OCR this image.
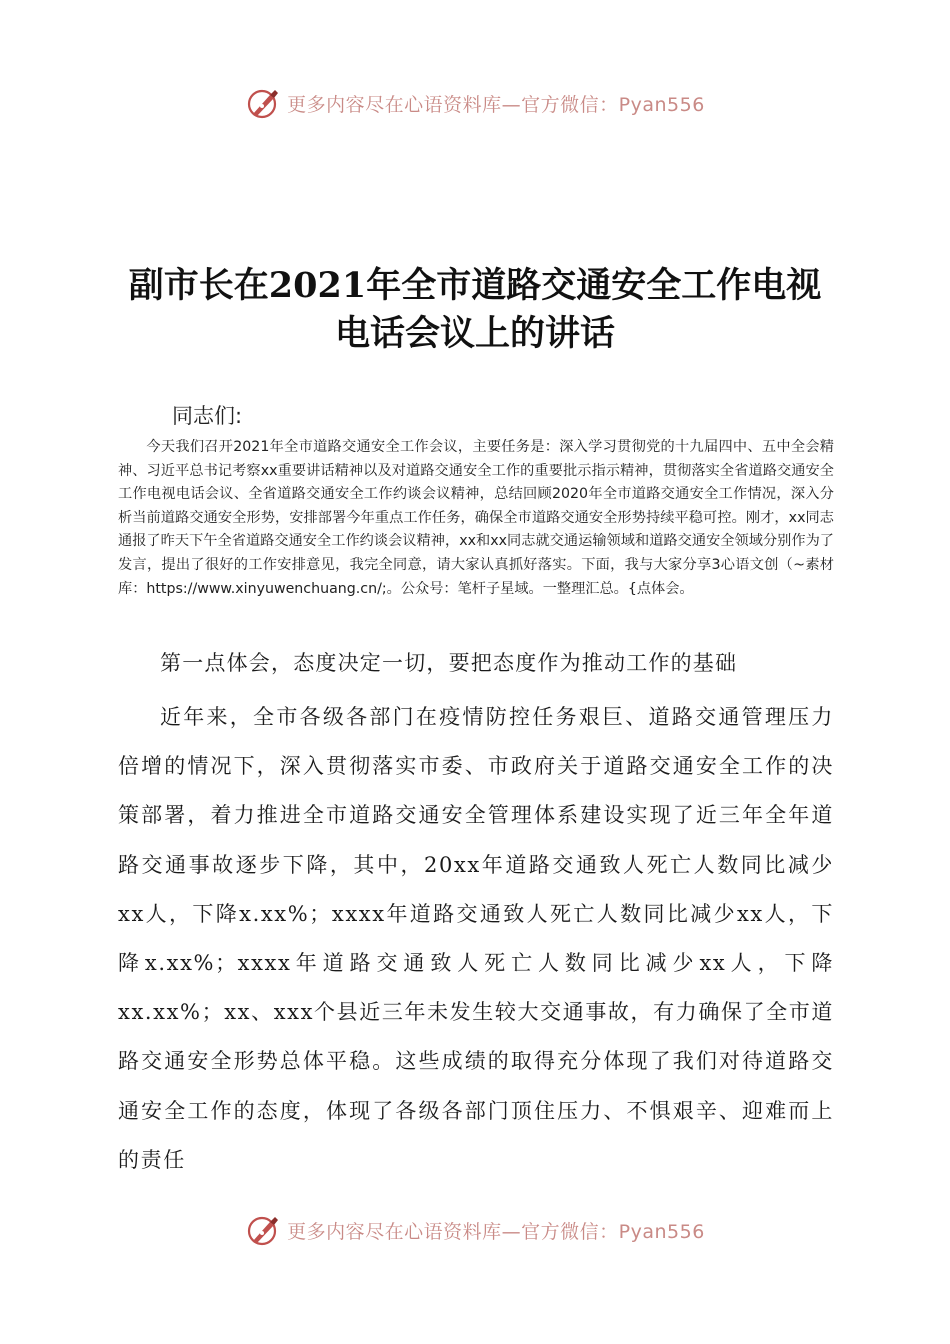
更多内容尽在心语资料库—官方微信：Pyan556
副市长在2021年全市道路交通安全工作电视
电话会议上的讲话
同志们:

今天我们召开2021年全市道路交通安全工作会议，主要任务是：深入学习贯彻党的十九届四中、五中全会精神、习近平总书记考察xx重要讲话精神以及对道路交通安全工作的重要批示指示精神，贯彻落实全省道路交通安全工作电视电话会议、全省道路交通安全工作约谈会议精神，总结回顾2020年全市道路交通安全工作情况，深入分析当前道路交通安全形势，安排部署今年重点工作任务，确保全市道路交通安全形势持续平稳可控。刚才，xx同志通报了昨天下午全省道路交通安全工作约谈会议精神，xx和xx同志就交通运输领域和道路交通安全领域分别作为了发言，提出了很好的工作安排意见，我完全同意，请大家认真抓好落实。下面，我与大家分享3心语文创（~素材库：https://www.xinyuwenchuang.cn/;。公众号：笔杆子星域。一整理汇总。{点体会。

第一点体会，态度决定一切，要把态度作为推动工作的基础

近年来，全市各级各部门在疫情防控任务艰巨、道路交通管理压力倍增的情况下，深入贯彻落实市委、市政府关于道路交通安全工作的决策部署，着力推进全市道路交通安全管理体系建设实现了近三年全年道路交通事故逐步下降，其中，20xx年道路交通致人死亡人数同比减少xx人，下降x.xx%；xxxx年道路交通致人死亡人数同比减少xx人，下降x.xx%；xxxx年道路交通致人死亡人数同比减少xx人，下降xx.xx%；xx、xxx个县近三年未发生较大交通事故，有力确保了全市道路交通安全形势总体平稳。这些成绩的取得充分体现了我们对待道路交通安全工作的态度，体现了各级各部门顶住压力、不惧艰辛、迎难而上的责任

更多内容尽在心语资料库—官方微信：Pyan556
